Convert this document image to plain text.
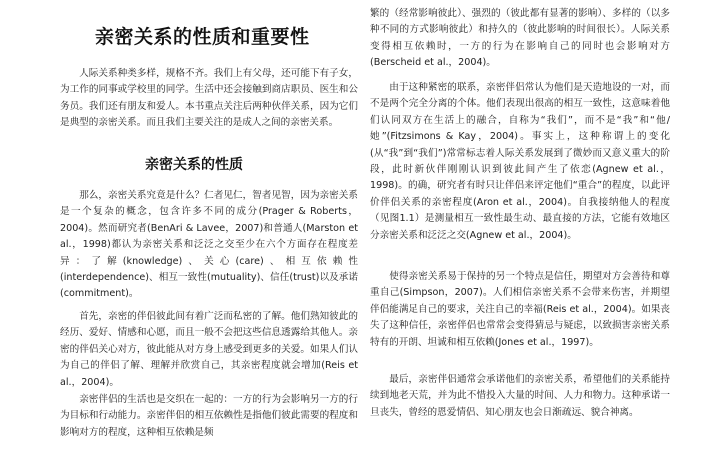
亲密关系的性质和重要性

人际关系种类多样，规格不齐。我们上有父母，还可能下有子女，为工作的同事或学校里的同学。生活中还会接触到商店职员、医生和公务员。我们还有朋友和爱人。本书重点关注后两种伙伴关系，因为它们是典型的亲密关系。而且我们主要关注的是成人之间的亲密关系。

亲密关系的性质

那么，亲密关系究竟是什么？仁者见仁，智者见智，因为亲密关系是一个复杂的概念，包含许多不同的成分(Prager & Roberts，2004)。然而研究者(BenAri & Lavee，2007)和普通人(Marston et al.，1998)都认为亲密关系和泛泛之交至少在六个方面存在程度差异：了解(knowledge)、关心(care)、相互依赖性(interdependence)、相互一致性(mutuality)、信任(trust)以及承诺(commitment)。

首先，亲密的伴侣彼此间有着广泛而私密的了解。他们熟知彼此的经历、爱好、情感和心愿，而且一般不会把这些信息透露给其他人。亲密的伴侣关心对方，彼此能从对方身上感受到更多的关爱。如果人们认为自己的伴侣了解、理解并欣赏自己，其亲密程度就会增加(Reis et al.，2004)。

亲密伴侣的生活也是交织在一起的：一方的行为会影响另一方的行为目标和行动能力。亲密伴侣的相互依赖性是指他们彼此需要的程度和影响对方的程度，这种相互依赖是频

繁的（经常影响彼此）、强烈的（彼此都有显著的影响）、多样的（以多种不同的方式影响彼此）和持久的（彼此影响的时间很长）。人际关系变得相互依赖时，一方的行为在影响自己的同时也会影响对方(Berscheid et al.，2004)。

由于这种紧密的联系，亲密伴侣常认为他们是天造地设的一对，而不是两个完全分离的个体。他们表现出很高的相互一致性，这意味着他们认同双方在生活上的融合，自称为“我们”，而不是“我”和“他/她”(Fitzsimons & Kay，2004)。事实上，这种称谓上的变化(从“我”到“我们”)常常标志着人际关系发展到了微妙而又意义重大的阶段，此时新伙伴刚刚认识到彼此间产生了依恋(Agnew et al.，1998)。的确，研究者有时只让伴侣来评定他们“重合”的程度，以此评价伴侣关系的亲密程度(Aron et al.，2004)。自我接纳他人的程度（见图1.1）是测量相互一致性最生动、最直接的方法，它能有效地区分亲密关系和泛泛之交(Agnew et al.，2004)。

使得亲密关系易于保持的另一个特点是信任，期望对方会善待和尊重自己(Simpson，2007)。人们相信亲密关系不会带来伤害，并期望伴侣能满足自己的要求，关注自己的幸福(Reis et al.，2004)。如果丧失了这种信任，亲密伴侣也常常会变得猜忌与疑虑，以致损害亲密关系特有的开朗、坦诚和相互依赖(Jones et al.，1997)。

最后，亲密伴侣通常会承诺他们的亲密关系，希望他们的关系能持续到地老天荒，并为此不惜投入大量的时间、人力和物力。这种承诺一旦丧失，曾经的恩爱情侣、知心朋友也会日渐疏远、貌合神离。
